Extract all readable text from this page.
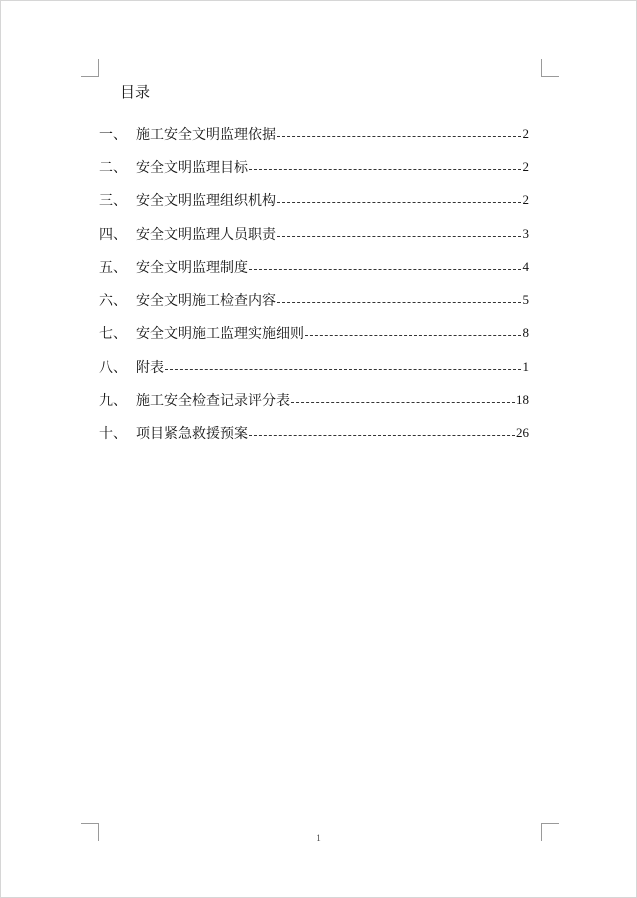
目录
一、 施工安全文明监理依据	2
二、 安全文明监理目标	2
三、 安全文明监理组织机构	2
四、 安全文明监理人员职责	3
五、 安全文明监理制度	4
六、 安全文明施工检查内容	5
七、 安全文明施工监理实施细则	8
八、 附表	1
九、 施工安全检查记录评分表	18
十、 项目紧急救援预案	26
1
